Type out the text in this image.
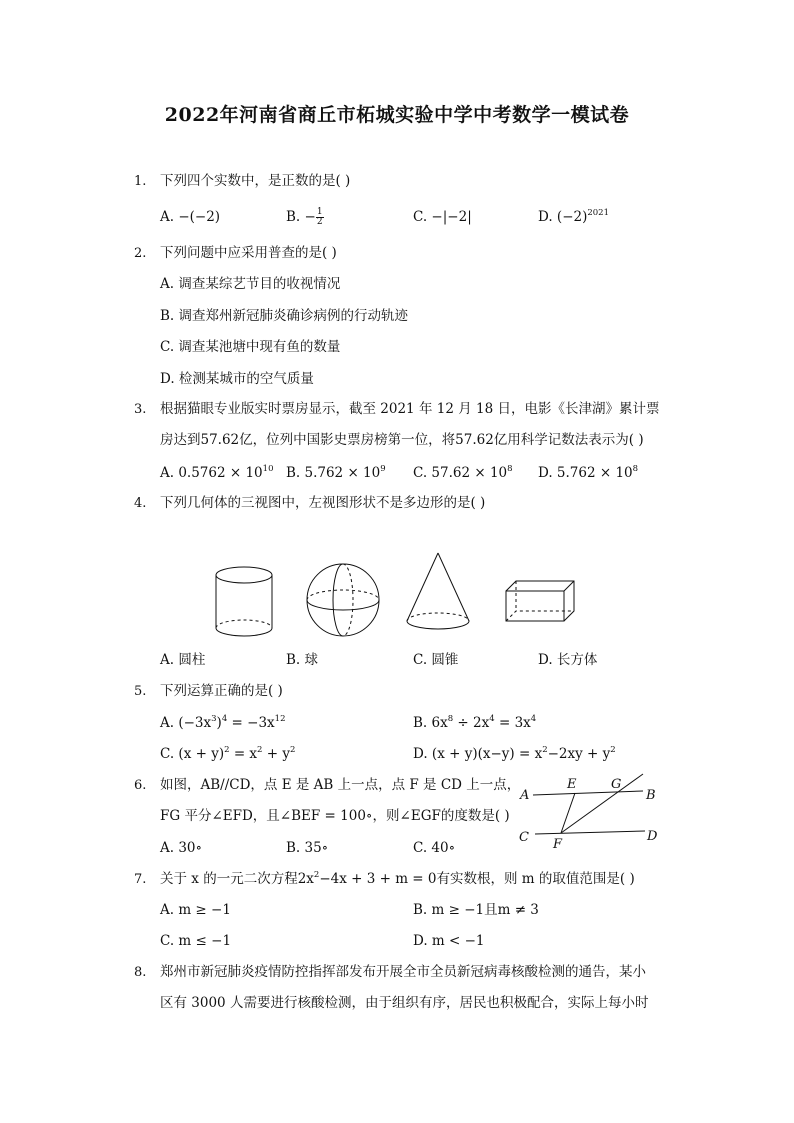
2022年河南省商丘市柘城实验中学中考数学一模试卷
1. 下列四个实数中，是正数的是( )
A. −(−2)	B. − $\frac{1}{2}$	C. −|−2|	D. $(-2)^{2021}$
2. 下列问题中应采用普查的是( )
A. 调查某综艺节目的收视情况
B. 调查郑州新冠肺炎确诊病例的行动轨迹
C. 调查某池塘中现有鱼的数量
D. 检测某城市的空气质量
3. 根据猫眼专业版实时票房显示，截至 2021 年 12 月 18 日，电影《长津湖》累计票
房达到57.62亿，位列中国影史票房榜第一位，将57.62亿用科学记数法表示为( )
A. $0.5762 \times 10^{10}$ B. $5.762 \times 10^9$ C. $57.62 \times 10^8$ D. $5.762 \times 10^8$
4. 下列几何体的三视图中，左视图形状不是多边形的是( )
A. 圆柱	B. 球	C. 圆锥	D. 长方体
5. 下列运算正确的是( )
A. $(-3x^3)^4 = -3x^{12}$	B. $6x^8 \div 2x^4 = 3x^4$
C. $(x + y)^2 = x^2 + y^2$	D. $(x + y)(x-y) = x^2-2xy + y^2$
6. 如图，AB//CD，点 E 是 AB 上一点，点 F 是 CD 上一点，
FG 平分∠EFD，且∠BEF = 100∘，则∠EGF的度数是( )
A. 30∘	B. 35∘	C. 40∘
A	B
C	D
E
F
G
7. 关于 x 的一元二次方程$2x^2-4x + 3 + m = 0$有实数根，则 m 的取值范围是( )
A. m ≥ −1	B. m ≥ −1且m ≠ 3
C. m ≤ −1	D. m < −1
8. 郑州市新冠肺炎疫情防控指挥部发布开展全市全员新冠病毒核酸检测的通告，某小
区有 3000 人需要进行核酸检测，由于组织有序，居民也积极配合，实际上每小时
